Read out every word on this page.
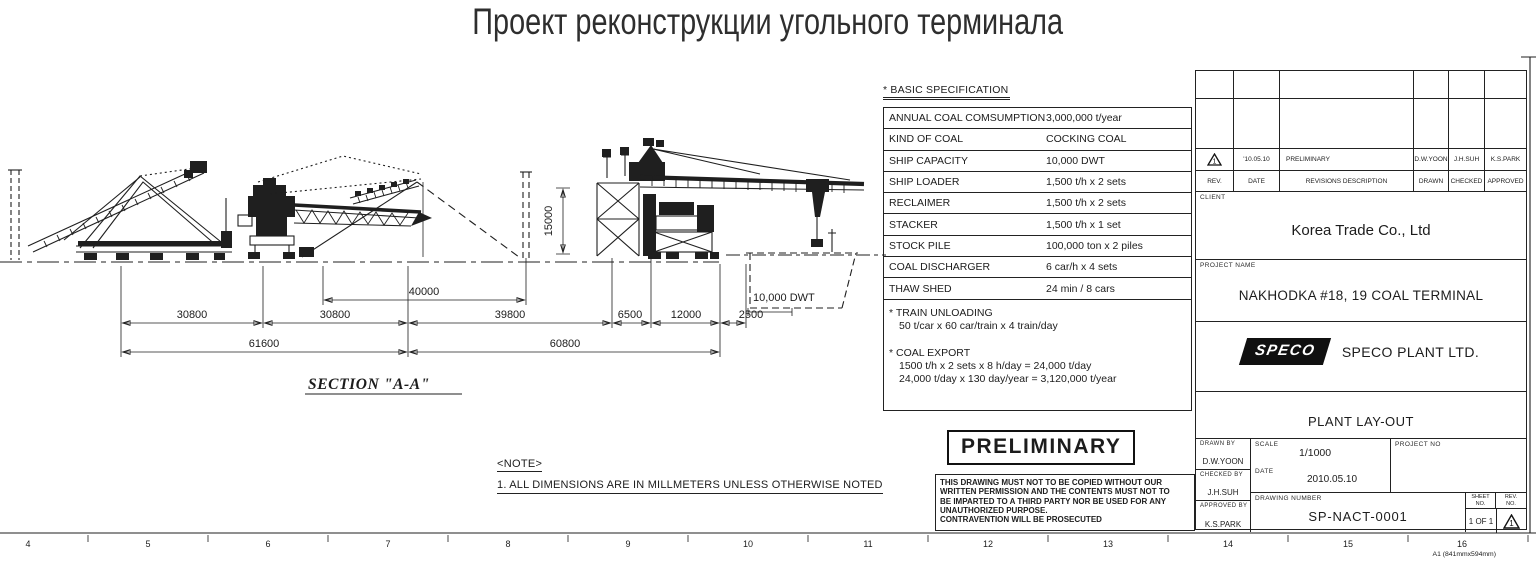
Проект реконструкции угольного терминала
10,000 DWT
15000
40000
30800	30800	39800	6500	12000	2500
61600	60800
SECTION "A-A"
4	5	6	7	8	9	10	11	12	13	14	15	16
A1 (841mmx594mm)
* BASIC SPECIFICATION
ANNUAL COAL COMSUMPTION 3,000,000 t/year
KIND OF COAL	COCKING COAL
SHIP CAPACITY	10,000 DWT
SHIP LOADER	1,500 t/h x 2 sets
RECLAIMER	1,500 t/h x 2 sets
STACKER	1,500 t/h x 1 set
STOCK PILE	100,000 ton x 2 piles
COAL DISCHARGER	6 car/h x 4 sets
THAW SHED	24 min / 8 cars
* TRAIN UNLOADING
50 t/car x 60 car/train x 4 train/day
* COAL EXPORT
1500 t/h x 2 sets x 8 h/day = 24,000 t/day
24,000 t/day x 130 day/year = 3,120,000 t/year
<NOTE>
1. ALL DIMENSIONS ARE IN MILLMETERS UNLESS OTHERWISE NOTED
PRELIMINARY
THIS DRAWING MUST NOT TO BE COPIED WITHOUT OUR
WRITTEN PERMISSION AND THE CONTENTS MUST NOT TO
BE IMPARTED TO A THIRD PARTY NOR BE USED FOR ANY
UNAUTHORIZED PURPOSE.
CONTRAVENTION WILL BE PROSECUTED
1	'10.05.10	PRELIMINARY	D.W.YOON J.H.SUH	K.S.PARK
REV.	DATE	REVISIONS DESCRIPTION	DRAWN	CHECKED APPROVED
CLIENT
Korea Trade Co., Ltd
PROJECT NAME
NAKHODKA #18, 19 COAL TERMINAL
SPECO	SPECO PLANT LTD.
PLANT LAY-OUT
DRAWN BY
D.W.YOON
CHECKED BY
J.H.SUH
APPROVED BY
K.S.PARK
SCALE
1/1000
DATE
2010.05.10
PROJECT NO
DRAWING NUMBER
SP-NACT-0001
SHEET
NO.
REV.
NO.
1 OF 1	1
